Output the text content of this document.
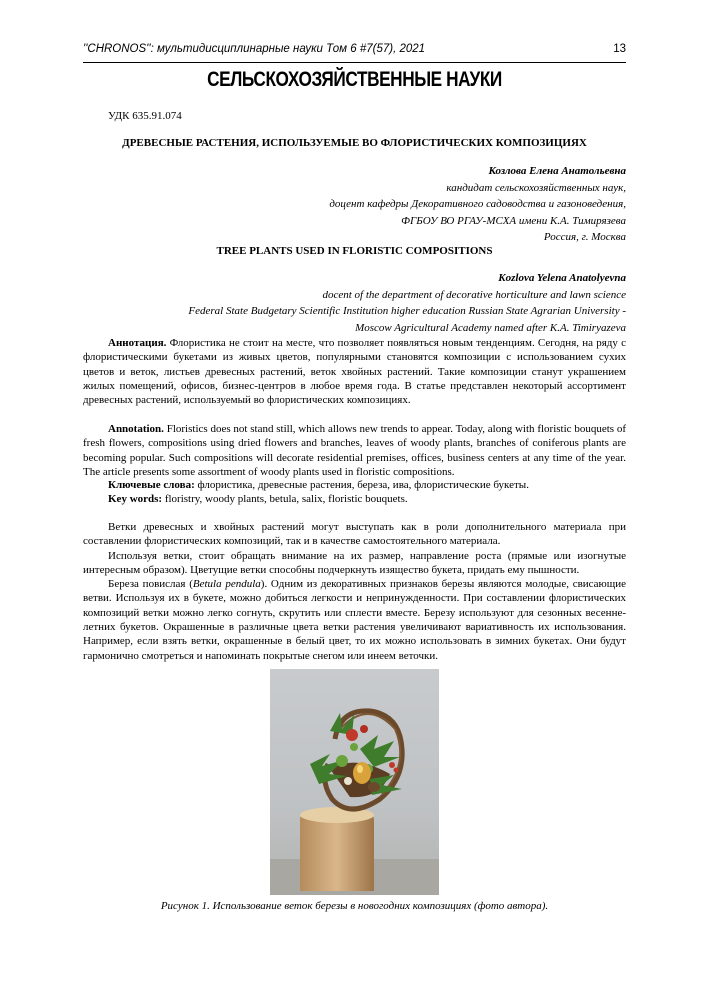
''CHRONOS'': мультидисциплинарные науки Том 6 #7(57), 2021	13
СЕЛЬСКОХОЗЯЙСТВЕННЫЕ НАУКИ
УДК 635.91.074
ДРЕВЕСНЫЕ РАСТЕНИЯ, ИСПОЛЬЗУЕМЫЕ ВО ФЛОРИСТИЧЕСКИХ КОМПОЗИЦИЯХ
Козлова Елена Анатольевна
кандидат сельскохозяйственных наук,
доцент кафедры Декоративного садоводства и газоноведения,
ФГБОУ ВО РГАУ-МСХА имени К.А. Тимирязева
Россия, г. Москва
TREE PLANTS USED IN FLORISTIC COMPOSITIONS
Kozlova Yelena Anatolyevna
docent of the department of decorative horticulture and lawn science
Federal State Budgetary Scientific Institution higher education Russian State Agrarian University -
Moscow Agricultural Academy named after K.A. Timiryazeva

Аннотация. Флористика не стоит на месте, что позволяет появляться новым тенденциям. Сегодня, на ряду с флористическими букетами из живых цветов, популярными становятся композиции с использованием сухих цветов и веток, листьев древесных растений, веток хвойных растений. Такие композиции станут украшением жилых помещений, офисов, бизнес-центров в любое время года. В статье представлен некоторый ассортимент древесных растений, используемый во флористических композициях.

Annotation. Floristics does not stand still, which allows new trends to appear. Today, along with floristic bouquets of fresh flowers, compositions using dried flowers and branches, leaves of woody plants, branches of coniferous plants are becoming popular. Such compositions will decorate residential premises, offices, business centers at any time of the year. The article presents some assortment of woody plants used in floristic compositions.

Ключевые слова: флористика, древесные растения, береза, ива, флористические букеты.
Key words: floristry, woody plants, betula, salix, floristic bouquets.

Ветки древесных и хвойных растений могут выступать как в роли дополнительного материала при составлении флористических композиций, так и в качестве самостоятельного материала.

Используя ветки, стоит обращать внимание на их размер, направление роста (прямые или изогнутые интересным образом). Цветущие ветки способны подчеркнуть изящество букета, придать ему пышности.

Береза повислая (Betula pendula). Одним из декоративных признаков березы являются молодые, свисающие ветви. Используя их в букете, можно добиться легкости и непринужденности. При составлении флористических композиций ветки можно легко согнуть, скрутить или сплести вместе. Березу используют для сезонных весенне-летних букетов. Окрашенные в различные цвета ветки растения увеличивают вариативность их использования. Например, если взять ветки, окрашенные в белый цвет, то их можно использовать в зимних букетах. Они будут гармонично смотреться и напоминать покрытые снегом или инеем веточки.

Рисунок 1. Использование веток березы в новогодних композициях (фото автора).
